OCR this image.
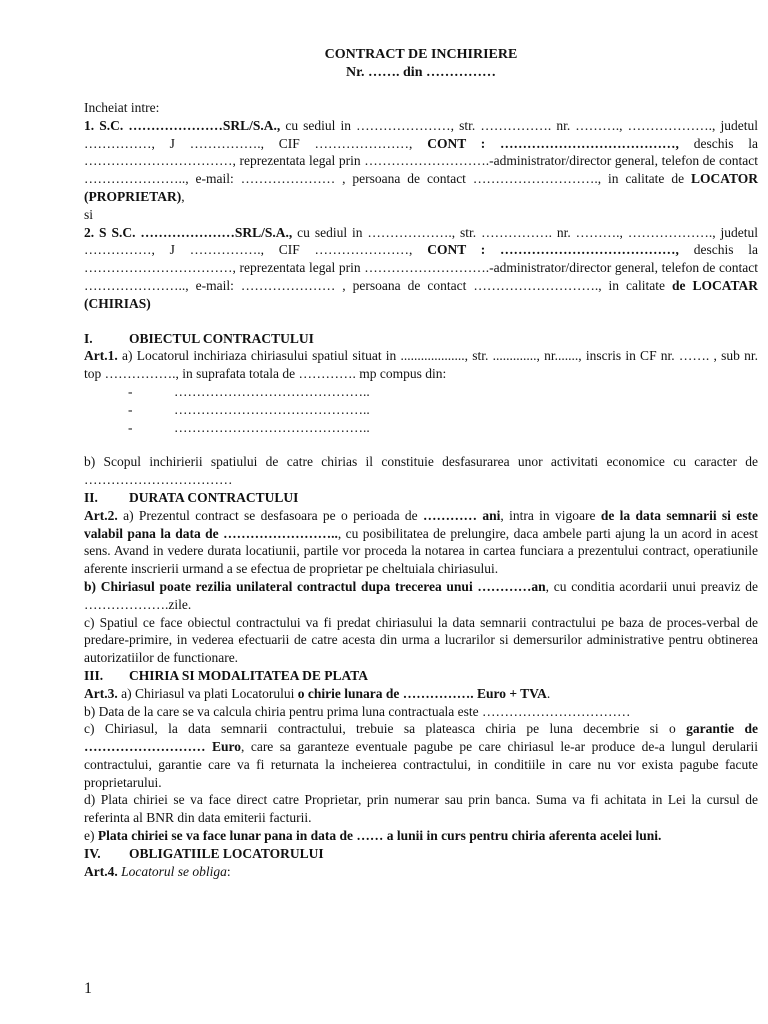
CONTRACT DE INCHIRIERE
Nr. ……. din ……………

Incheiat intre:

1. S.C. …………………SRL/S.A., cu sediul in …………………, str. ……………. nr. ………., ………………., judetul ……………, J ……………., CIF …………………, CONT : …………………………………, deschis la ……………………………, reprezentata legal prin ……………………….-administrator/director general, telefon de contact ………………….., e-mail: ………………… , persoana de contact ………………………., in calitate de LOCATOR (PROPRIETAR),

si

2. S S.C. …………………SRL/S.A., cu sediul in ………………., str. ……………. nr. ………., ………………., judetul ……………, J ……………., CIF …………………, CONT : …………………………………, deschis la ……………………………, reprezentata legal prin ……………………….-administrator/director general, telefon de contact ………………….., e-mail: ………………… , persoana de contact ………………………., in calitate de LOCATAR (CHIRIAS)

I.	OBIECTUL CONTRACTULUI

Art.1. a) Locatorul inchiriaza chiriasului spatiul situat in ..................., str. ............., nr......., inscris in CF nr. ……. , sub nr. top ……………., in suprafata totala de …………. mp compus din:

-	……………………………………..
-	……………………………………..
-	……………………………………..

b) Scopul inchirierii spatiului de catre chirias il constituie desfasurarea unor activitati economice cu caracter de ……………………………

II.	DURATA CONTRACTULUI

Art.2. a) Prezentul contract se desfasoara pe o perioada de ………… ani, intra in vigoare de la data semnarii si este valabil pana la data de …………………….., cu posibilitatea de prelungire, daca ambele parti ajung la un acord in acest sens. Avand in vedere durata locatiunii, partile vor proceda la notarea in cartea funciara a prezentului contract, operatiunile aferente inscrierii urmand a se efectua de proprietar pe cheltuiala chiriasului.

b) Chiriasul poate rezilia unilateral contractul dupa trecerea unui …………an, cu conditia acordarii unui preaviz de ……………….zile.

c) Spatiul ce face obiectul contractului va fi predat chiriasului la data semnarii contractului pe baza de proces-verbal de predare-primire, in vederea efectuarii de catre acesta din urma a lucrarilor si demersurilor administrative pentru obtinerea autorizatiilor de functionare.

III.	CHIRIA SI MODALITATEA DE PLATA

Art.3. a) Chiriasul va plati Locatorului o chirie lunara de ……………. Euro + TVA.

b) Data de la care se va calcula chiria pentru prima luna contractuala este ……………………………

c) Chiriasul, la data semnarii contractului, trebuie sa plateasca chiria pe luna decembrie si o garantie de ……………………… Euro, care sa garanteze eventuale pagube pe care chiriasul le-ar produce de-a lungul derularii contractului, garantie care va fi returnata la incheierea contractului, in conditiile in care nu vor exista pagube facute proprietarului.

d) Plata chiriei se va face direct catre Proprietar, prin numerar sau prin banca. Suma va fi achitata in Lei la cursul de referinta al BNR din data emiterii facturii.

e) Plata chiriei se va face lunar pana in data de …… a lunii in curs pentru chiria aferenta acelei luni.

IV.	OBLIGATIILE LOCATORULUI

Art.4. Locatorul se obliga:

1
